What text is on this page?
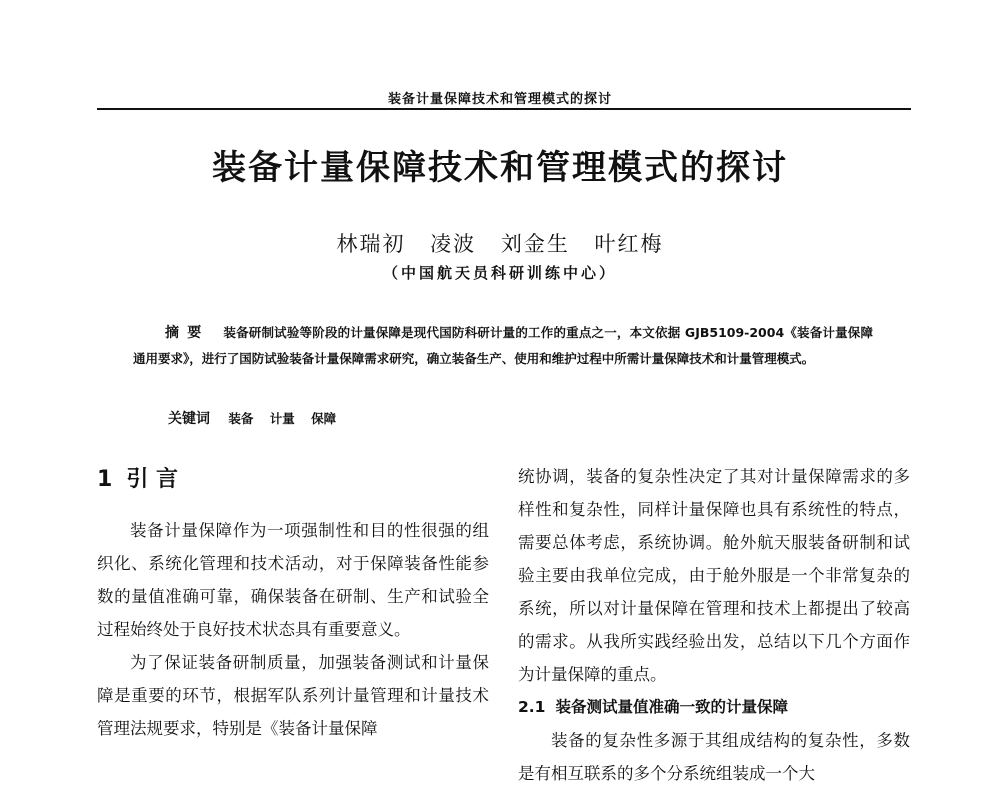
装备计量保障技术和管理模式的探讨
装备计量保障技术和管理模式的探讨
林瑞初 凌波 刘金生 叶红梅
（中国航天员科研训练中心）
摘要 装备研制试验等阶段的计量保障是现代国防科研计量的工作的重点之一，本文依据 GJB5109-2004《装备计量保障通用要求》，进行了国防试验装备计量保障需求研究，确立装备生产、使用和维护过程中所需计量保障技术和计量管理模式。
关键词 装备 计量 保障
1 引 言

装备计量保障作为一项强制性和目的性很强的组织化、系统化管理和技术活动，对于保障装备性能参数的量值准确可靠，确保装备在研制、生产和试验全过程始终处于良好技术状态具有重要意义。

为了保证装备研制质量，加强装备测试和计量保障是重要的环节，根据军队系列计量管理和计量技术管理法规要求，特别是《装备计量保障

统协调，装备的复杂性决定了其对计量保障需求的多样性和复杂性，同样计量保障也具有系统性的特点，需要总体考虑，系统协调。舱外航天服装备研制和试验主要由我单位完成，由于舱外服是一个非常复杂的系统，所以对计量保障在管理和技术上都提出了较高的需求。从我所实践经验出发，总结以下几个方面作为计量保障的重点。

2.1 装备测试量值准确一致的计量保障

装备的复杂性多源于其组成结构的复杂性，多数是有相互联系的多个分系统组装成一个大
